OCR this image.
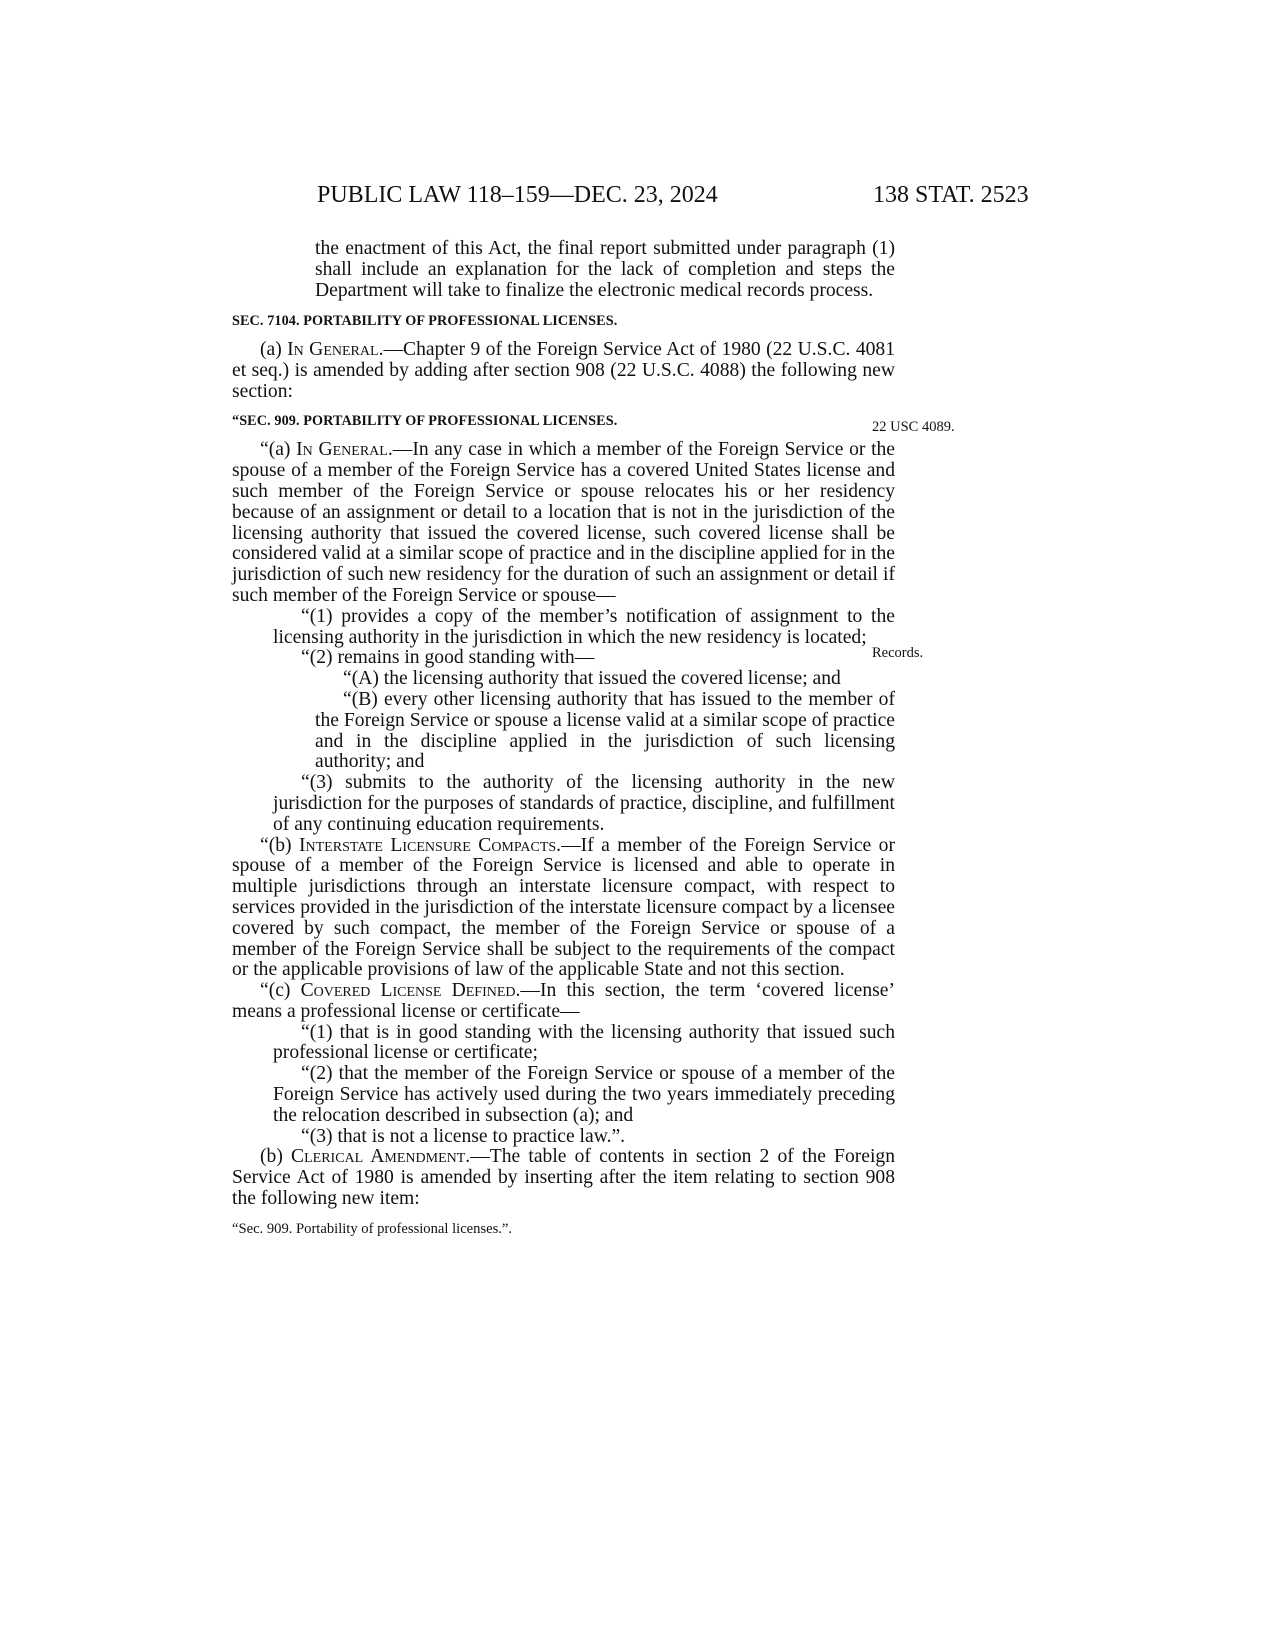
PUBLIC LAW 118–159—DEC. 23, 2024	138 STAT. 2523
22 USC 4089.
Records.

the enactment of this Act, the final report submitted under paragraph (1) shall include an explanation for the lack of completion and steps the Department will take to finalize the electronic medical records process.

SEC. 7104. PORTABILITY OF PROFESSIONAL LICENSES.

(a) In General.—Chapter 9 of the Foreign Service Act of 1980 (22 U.S.C. 4081 et seq.) is amended by adding after section 908 (22 U.S.C. 4088) the following new section:

“SEC. 909. PORTABILITY OF PROFESSIONAL LICENSES.

“(a) In General.—In any case in which a member of the Foreign Service or the spouse of a member of the Foreign Service has a covered United States license and such member of the Foreign Service or spouse relocates his or her residency because of an assignment or detail to a location that is not in the jurisdiction of the licensing authority that issued the covered license, such covered license shall be considered valid at a similar scope of practice and in the discipline applied for in the jurisdiction of such new residency for the duration of such an assignment or detail if such member of the Foreign Service or spouse—

“(1) provides a copy of the member’s notification of assignment to the licensing authority in the jurisdiction in which the new residency is located;

“(2) remains in good standing with—

“(A) the licensing authority that issued the covered license; and

“(B) every other licensing authority that has issued to the member of the Foreign Service or spouse a license valid at a similar scope of practice and in the discipline applied in the jurisdiction of such licensing authority; and

“(3) submits to the authority of the licensing authority in the new jurisdiction for the purposes of standards of practice, discipline, and fulfillment of any continuing education requirements.

“(b) Interstate Licensure Compacts.—If a member of the Foreign Service or spouse of a member of the Foreign Service is licensed and able to operate in multiple jurisdictions through an interstate licensure compact, with respect to services provided in the jurisdiction of the interstate licensure compact by a licensee covered by such compact, the member of the Foreign Service or spouse of a member of the Foreign Service shall be subject to the requirements of the compact or the applicable provisions of law of the applicable State and not this section.

“(c) Covered License Defined.—In this section, the term ‘covered license’ means a professional license or certificate—

“(1) that is in good standing with the licensing authority that issued such professional license or certificate;

“(2) that the member of the Foreign Service or spouse of a member of the Foreign Service has actively used during the two years immediately preceding the relocation described in subsection (a); and

“(3) that is not a license to practice law.”.

(b) Clerical Amendment.—The table of contents in section 2 of the Foreign Service Act of 1980 is amended by inserting after the item relating to section 908 the following new item:

“Sec. 909. Portability of professional licenses.”.
